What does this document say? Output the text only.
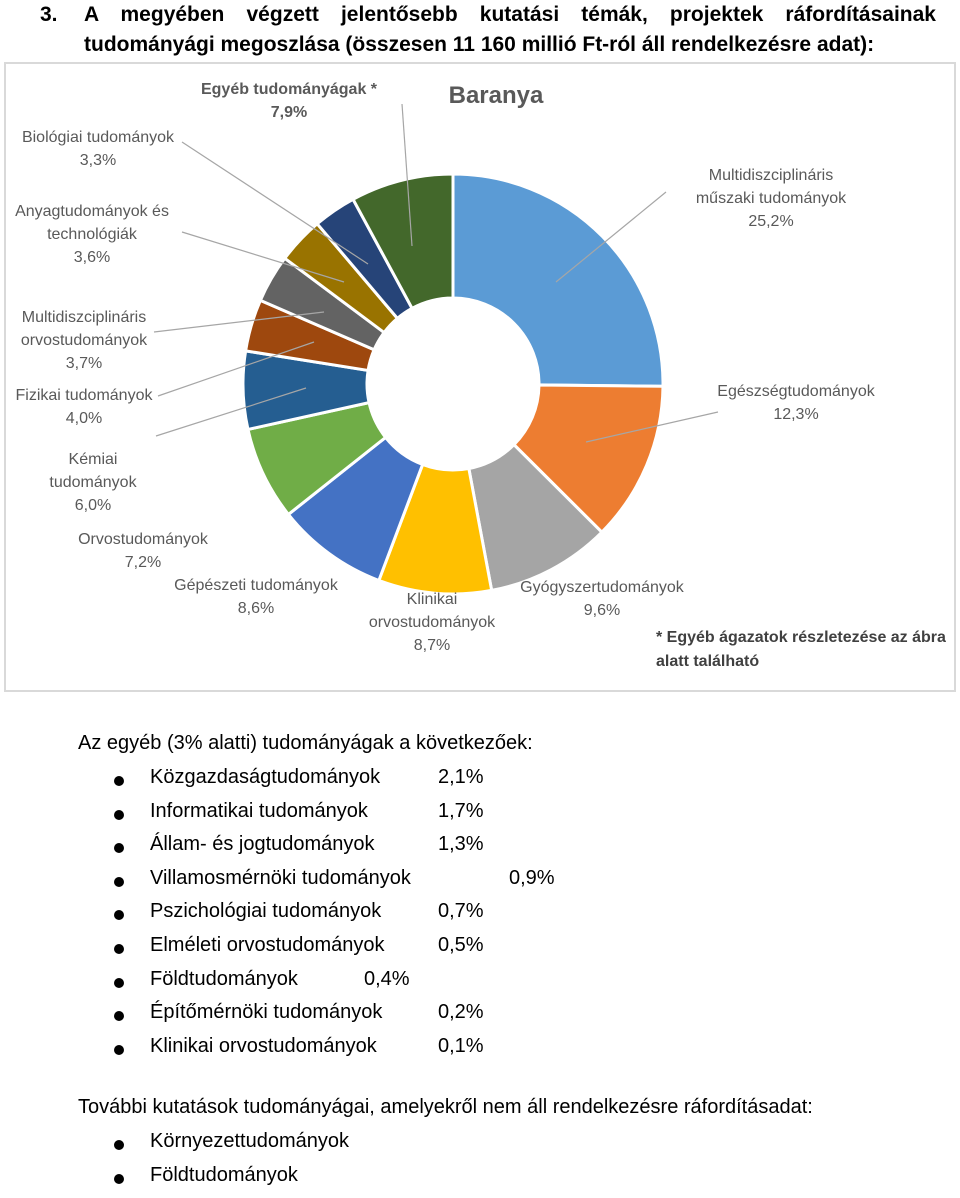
3. A megyében végzett jelentősebb kutatási témák, projektek ráfordításainak
tudományági megoszlása (összesen 11 160 millió Ft-ról áll rendelkezésre adat):
Baranya
Multidiszciplináris
műszaki tudományok
25,2%
Egészségtudományok
12,3%
Gyógyszertudományok
9,6%
Klinikai
orvostudományok
8,7%
Gépészeti tudományok
8,6%
Orvostudományok
7,2%
Kémiai
tudományok
6,0%
Fizikai tudományok
4,0%
Multidiszciplináris
orvostudományok
3,7%
Anyagtudományok és
technológiák
3,6%
Biológiai tudományok
3,3%
Egyéb tudományágak *
7,9%
* Egyéb ágazatok részletezése az ábra
alatt található
Az egyéb (3% alatti) tudományágak a következőek:
Közgazdaságtudományok	2,1%
Informatikai tudományok	1,7%
Állam- és jogtudományok	1,3%
Villamosmérnöki tudományok	0,9%
Pszichológiai tudományok	0,7%
Elméleti orvostudományok	0,5%
Földtudományok	0,4%
Építőmérnöki tudományok	0,2%
Klinikai orvostudományok	0,1%
További kutatások tudományágai, amelyekről nem áll rendelkezésre ráfordításadat:
Környezettudományok
Földtudományok
